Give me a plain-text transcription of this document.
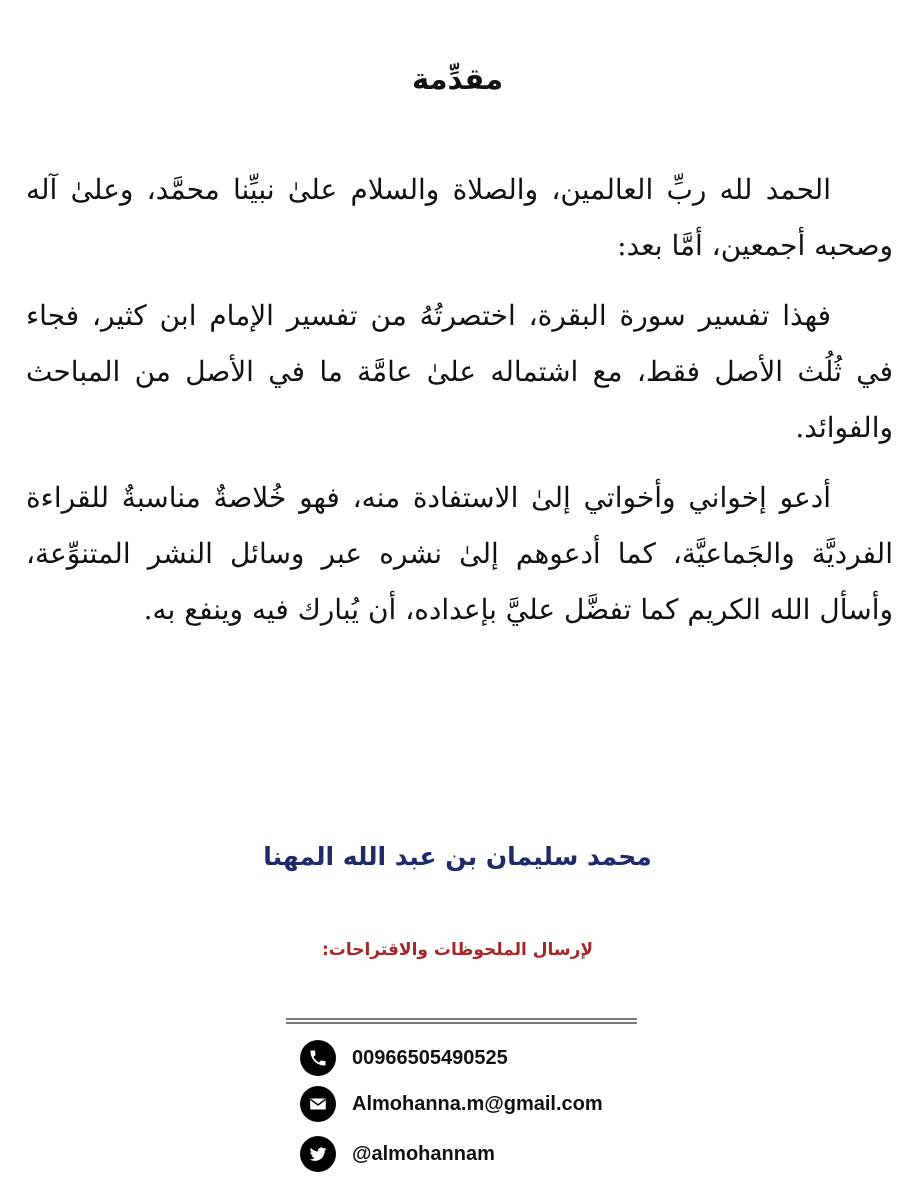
مقدِّمة

الحمد لله ربِّ العالمين، والصلاة والسلام علىٰ نبيِّنا محمَّد، وعلىٰ آله وصحبه أجمعين، أمَّا بعد:

فهذا تفسير سورة البقرة، اختصرتُهُ من تفسير الإمام ابن كثير، فجاء في ثُلُث الأصل فقط، مع اشتماله علىٰ عامَّة ما في الأصل من المباحث والفوائد.

أدعو إخواني وأخواتي إلىٰ الاستفادة منه، فهو خُلاصةٌ مناسبةٌ للقراءة الفرديَّة والجَماعيَّة، كما أدعوهم إلىٰ نشره عبر وسائل النشر المتنوِّعة، وأسأل الله الكريم كما تفضَّل عليَّ بإعداده، أن يُبارك فيه وينفع به.

محمد سليمان بن عبد الله المهنا
لإرسال الملحوظات والاقتراحات:
00966505490525
Almohanna.m@gmail.com
@almohannam
